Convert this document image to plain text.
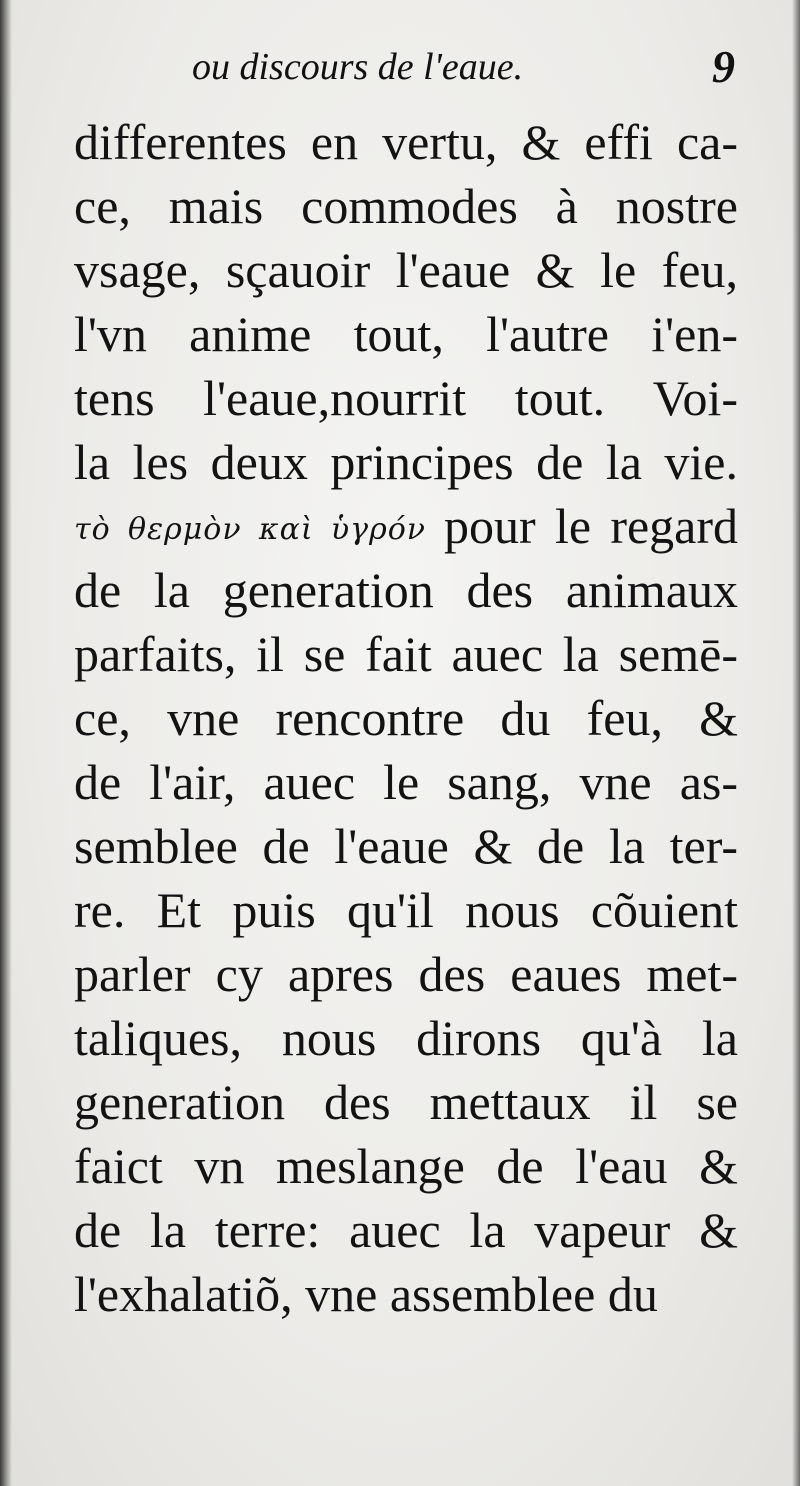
ou discours de l'eaue.	9
differentes en vertu, & effi ca-
ce, mais commodes à nostre
vsage, sçauoir l'eaue & le feu,
l'vn anime tout, l'autre i'en-
tens l'eaue,nourrit tout. Voi-
la les deux principes de la vie.
τὸ θερμὸν καὶ ὑγρόν pour le regard
de la generation des animaux
parfaits, il se fait auec la semē-
ce, vne rencontre du feu, &
de l'air, auec le sang, vne as-
semblee de l'eaue & de la ter-
re. Et puis qu'il nous cõuient
parler cy apres des eaues met-
taliques, nous dirons qu'à la
generation des mettaux il se
faict vn meslange de l'eau &
de la terre: auec la vapeur &
l'exhalatiõ, vne assemblee du
